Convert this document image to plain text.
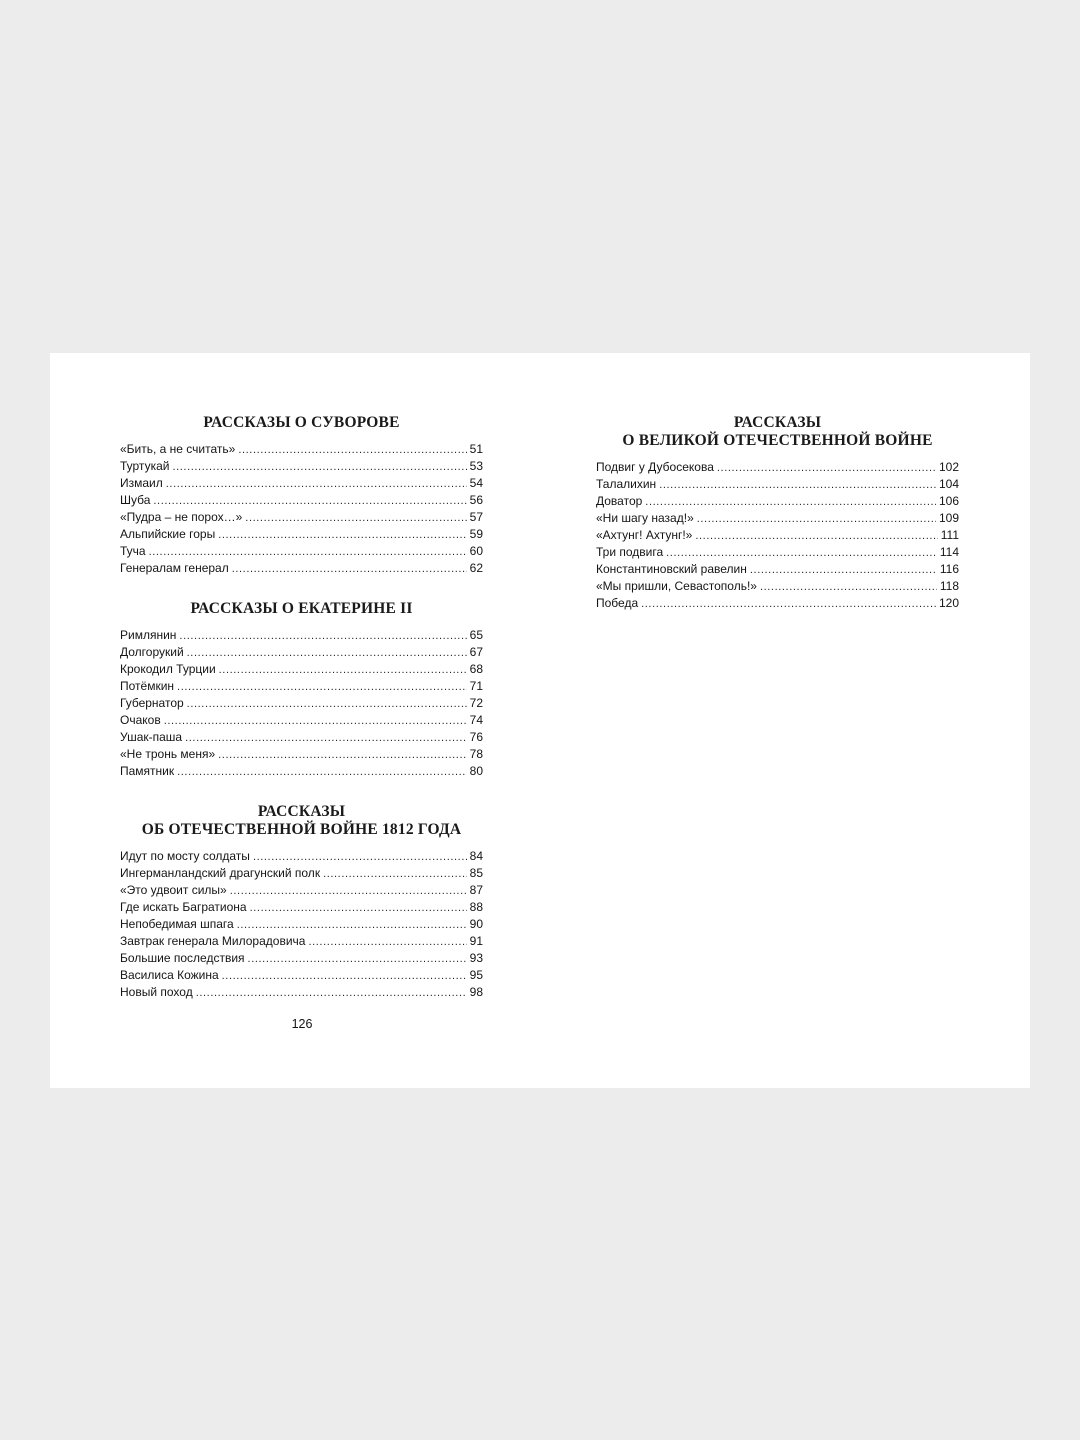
РАССКАЗЫ О СУВОРОВЕ
«Бить, а не считать» .....	51
Туртукай .....	53
Измаил .....	54
Шуба .....	56
«Пудра – не порох…» .....	57
Альпийские горы .....	59
Туча .....	60
Генералам генерал .....	62
РАССКАЗЫ О ЕКАТЕРИНЕ II
Римлянин .....	65
Долгорукий .....	67
Крокодил Турции .....	68
Потёмкин .....	71
Губернатор .....	72
Очаков .....	74
Ушак-паша .....	76
«Не тронь меня» .....	78
Памятник .....	80
РАССКАЗЫ
ОБ ОТЕЧЕСТВЕННОЙ ВОЙНЕ 1812 ГОДА
Идут по мосту солдаты .....	84
Ингерманландский драгунский полк .....	85
«Это удвоит силы» .....	87
Где искать Багратиона .....	88
Непобедимая шпага .....	90
Завтрак генерала Милорадовича .....	91
Большие последствия .....	93
Василиса Кожина .....	95
Новый поход .....	98
126
РАССКАЗЫ
О ВЕЛИКОЙ ОТЕЧЕСТВЕННОЙ ВОЙНЕ
Подвиг у Дубосекова .....	102
Талалихин .....	104
Доватор .....	106
«Ни шагу назад!» .....	109
«Ахтунг! Ахтунг!» .....	111
Три подвига .....	114
Константиновский равелин .....	116
«Мы пришли, Севастополь!» .....	118
Победа .....	120
